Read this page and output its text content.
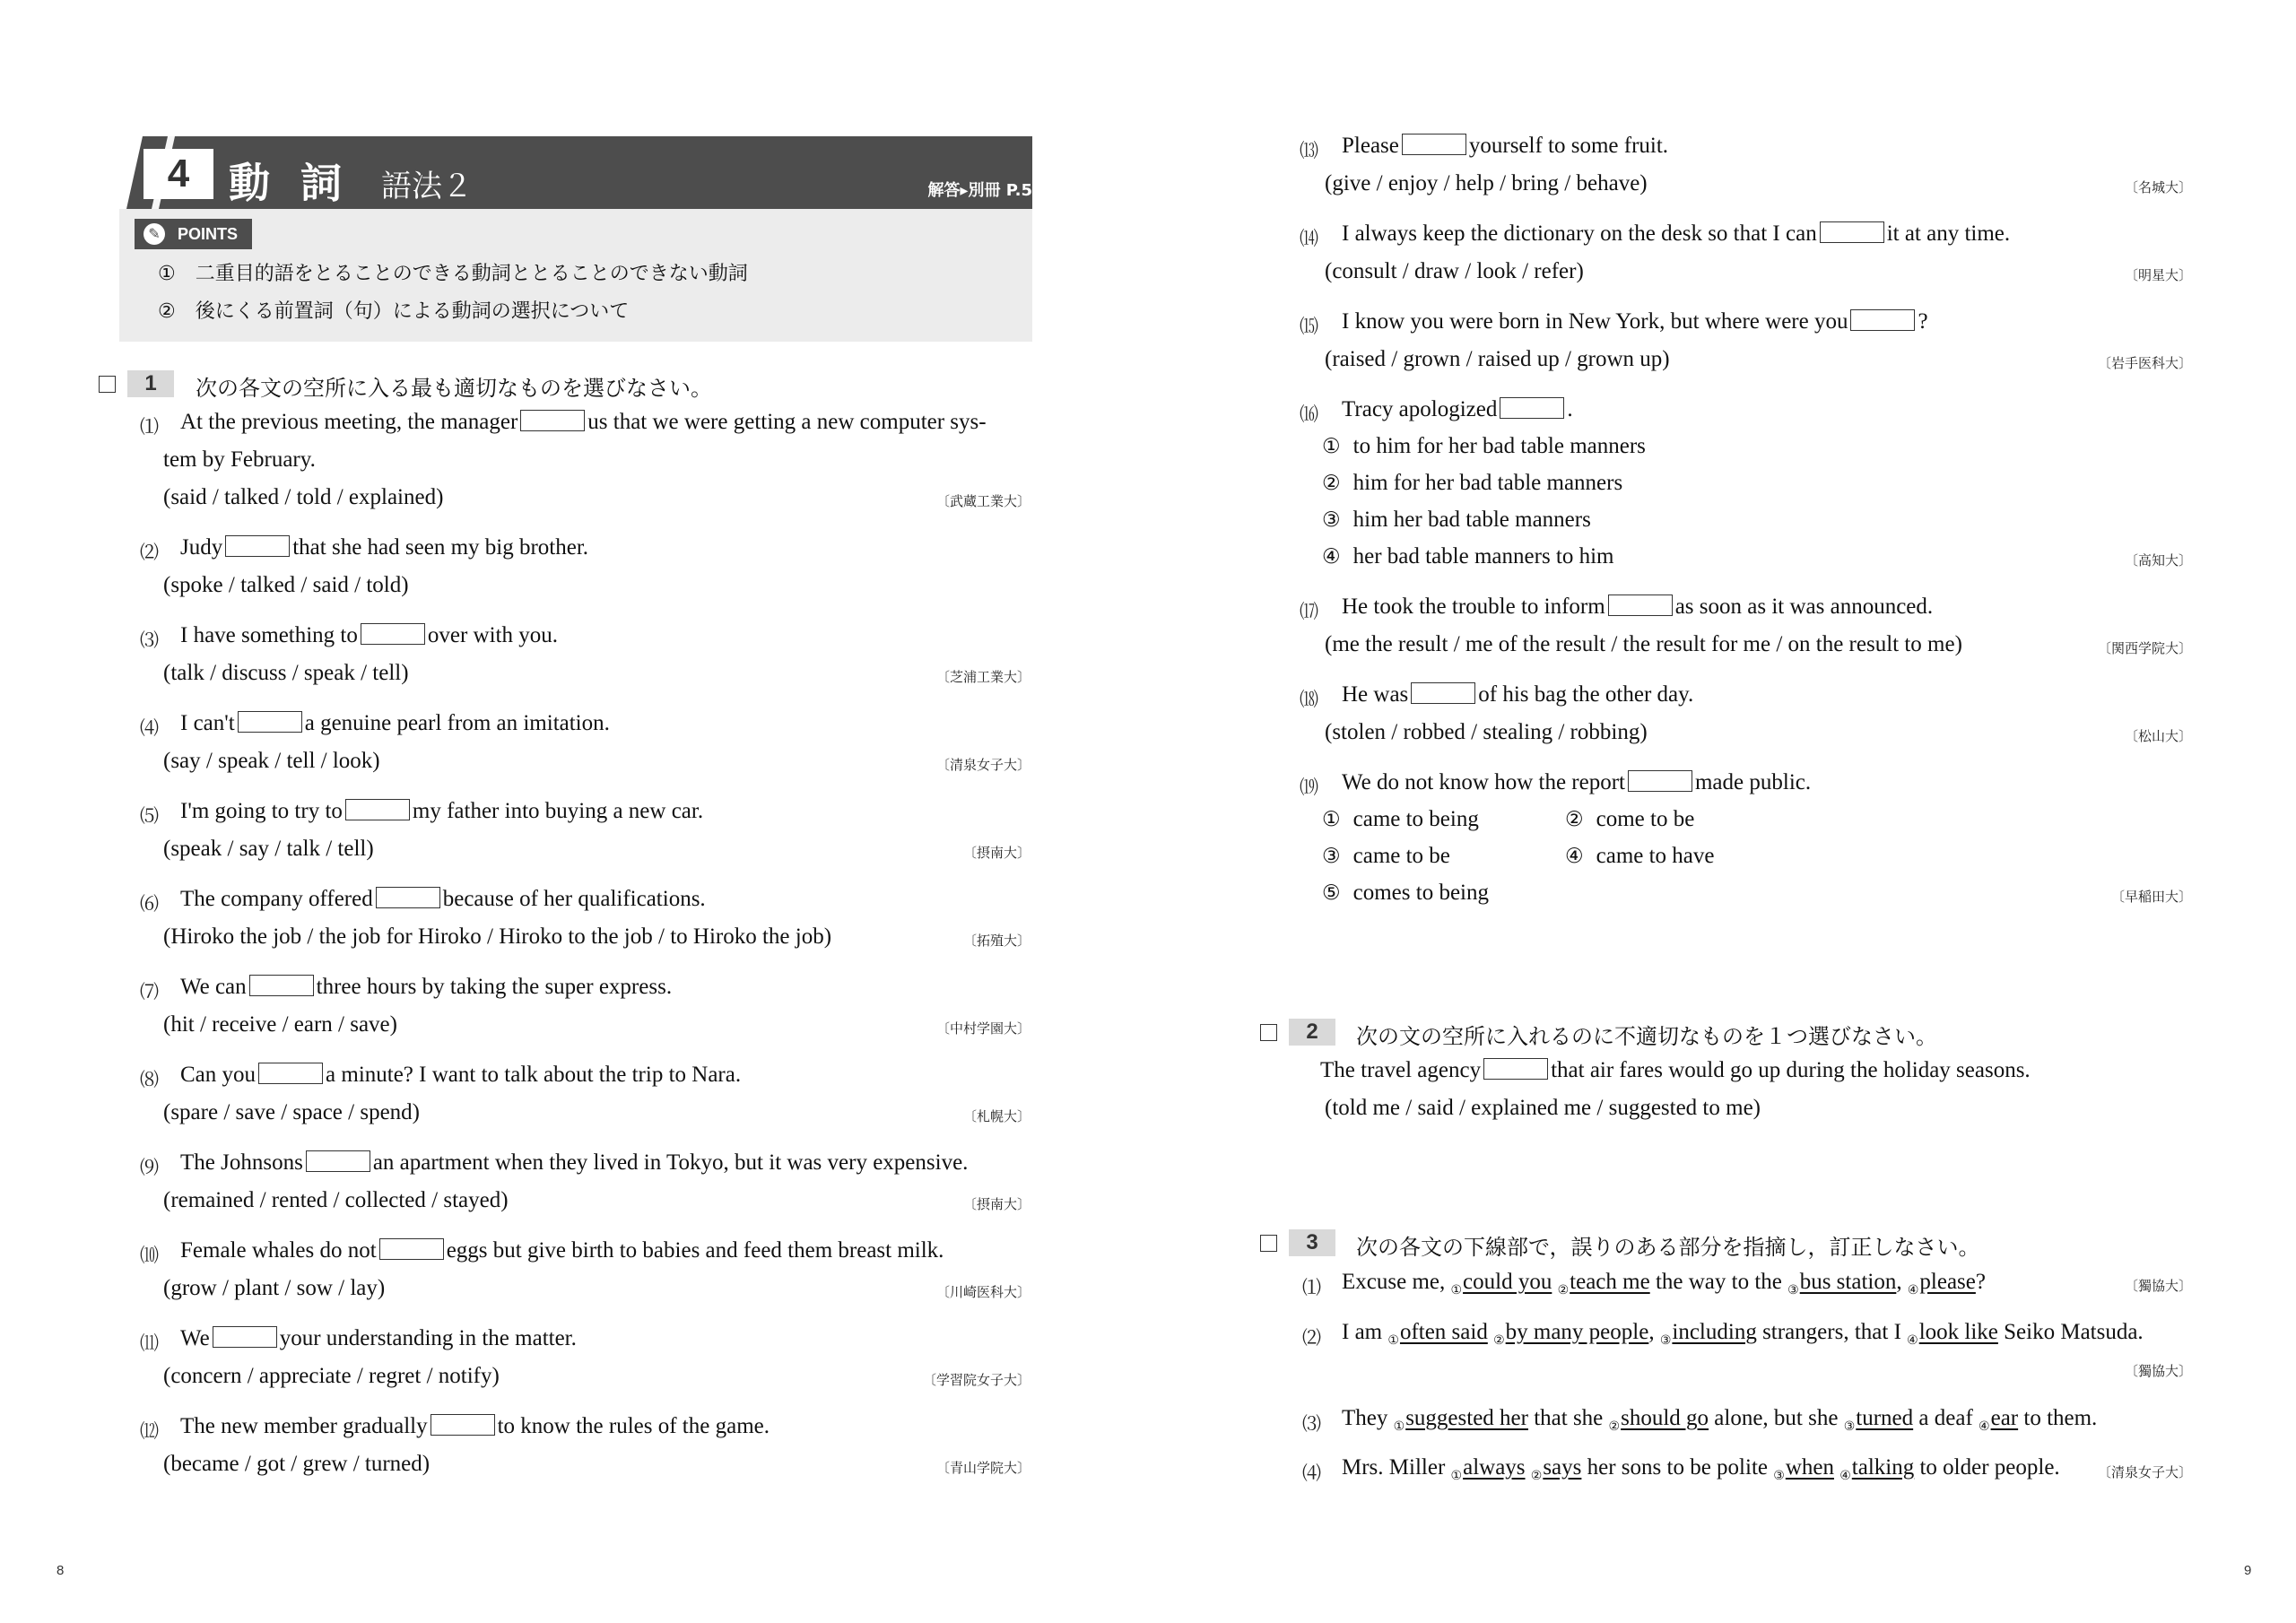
4 動詞 語法２	解答▸別冊 P.5
POINTS
✎
①　二重目的語をとることのできる動詞ととることのできない動詞
②　後にくる前置詞（句）による動詞の選択について
1	次の各文の空所に入る最も適切なものを選びなさい。
⑴ At the previous meeting, the manager	us that we were getting a new computer sys-
tem by February.
(said / talked / told / explained)	〔武蔵工業大〕
⑵ Judy	that she had seen my big brother.
(spoke / talked / said / told)
⑶ I have something to	over with you.
(talk / discuss / speak / tell)	〔芝浦工業大〕
⑷ I can't	a genuine pearl from an imitation.
(say / speak / tell / look)	〔清泉女子大〕
⑸ I'm going to try to	my father into buying a new car.
(speak / say / talk / tell)	〔摂南大〕
⑹ The company offered	because of her qualifications.
(Hiroko the job / the job for Hiroko / Hiroko to the job / to Hiroko the job)	〔拓殖大〕
⑺ We can	three hours by taking the super express.
(hit / receive / earn / save)	〔中村学園大〕
⑻ Can you	a minute? I want to talk about the trip to Nara.
(spare / save / space / spend)	〔札幌大〕
⑼ The Johnsons	an apartment when they lived in Tokyo, but it was very expensive.
(remained / rented / collected / stayed)	〔摂南大〕
⑽ Female whales do not	eggs but give birth to babies and feed them breast milk.
(grow / plant / sow / lay)	〔川崎医科大〕
⑾ We	your understanding in the matter.
(concern / appreciate / regret / notify)	〔学習院女子大〕
⑿ The new member gradually	to know the rules of the game.
(became / got / grew / turned)	〔青山学院大〕
8
⒀ Please	yourself to some fruit.
(give / enjoy / help / bring / behave)	〔名城大〕
⒁ I always keep the dictionary on the desk so that I can	it at any time.
(consult / draw / look / refer)	〔明星大〕
⒂ I know you were born in New York, but where were you	?
(raised / grown / raised up / grown up)	〔岩手医科大〕
⒃ Tracy apologized	.
① to him for her bad table manners
② him for her bad table manners
③ him her bad table manners
④ her bad table manners to him	〔高知大〕
⒄ He took the trouble to inform	as soon as it was announced.
(me the result / me of the result / the result for me / on the result to me)	〔関西学院大〕
⒅ He was	of his bag the other day.
(stolen / robbed / stealing / robbing)	〔松山大〕
⒆ We do not know how the report	made public.
① came to being	② come to be
③ came to be	④ came to have
⑤ comes to being	〔早稲田大〕
2	次の文の空所に入れるのに不適切なものを１つ選びなさい。
The travel agency	that air fares would go up during the holiday seasons.
(told me / said / explained me / suggested to me)
3	次の各文の下線部で，誤りのある部分を指摘し，訂正しなさい。
⑴ Excuse me, $_①$could you $_②$teach me the way to the $_③$bus station, $_④$please?	〔獨協大〕
⑵ I am $_①$often said $_②$by many people, $_③$including strangers, that I $_④$look like Seiko Matsuda.
〔獨協大〕
⑶ They $_①$suggested her that she $_②$should go alone, but she $_③$turned a deaf $_④$ear to them.
⑷ Mrs. Miller $_①$always $_②$says her sons to be polite $_③$when $_④$talking to older people.	〔清泉女子大〕
9
